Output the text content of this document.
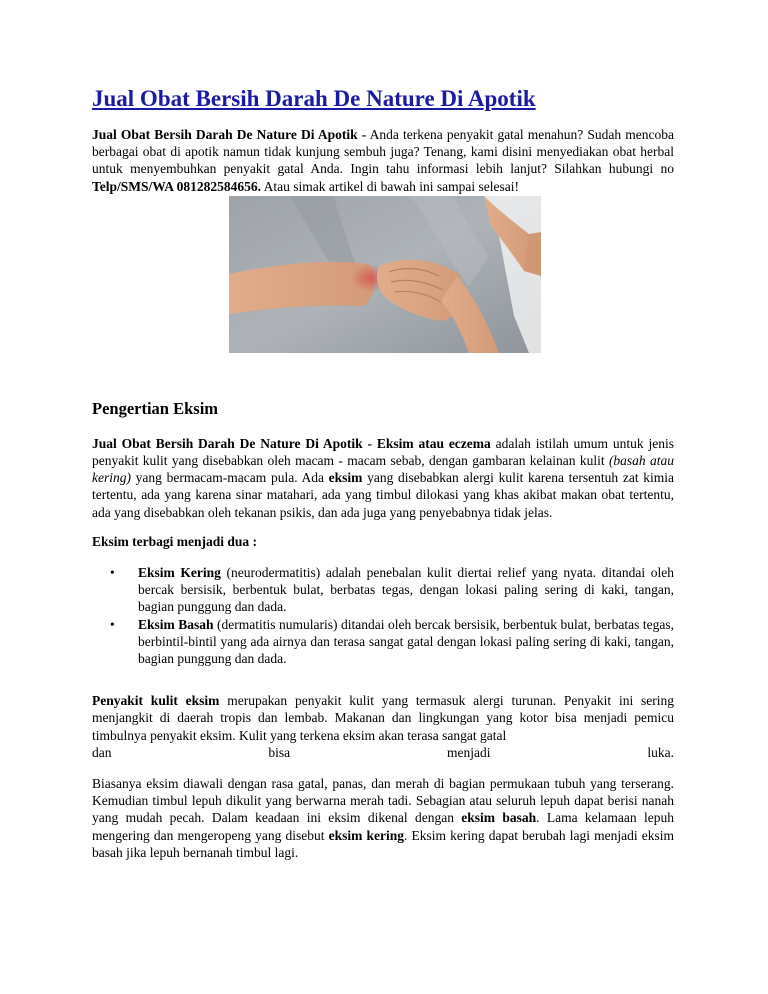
Jual Obat Bersih Darah De Nature Di Apotik

Jual Obat Bersih Darah De Nature Di Apotik - Anda terkena penyakit gatal menahun? Sudah mencoba berbagai obat di apotik namun tidak kunjung sembuh juga? Tenang, kami disini menyediakan obat herbal untuk menyembuhkan penyakit gatal Anda. Ingin tahu informasi lebih lanjut? Silahkan hubungi no Telp/SMS/WA 081282584656. Atau simak artikel di bawah ini sampai selesai!

Pengertian Eksim

Jual Obat Bersih Darah De Nature Di Apotik - Eksim atau eczema adalah istilah umum untuk jenis penyakit kulit yang disebabkan oleh macam - macam sebab, dengan gambaran kelainan kulit (basah atau kering) yang bermacam-macam pula. Ada eksim yang disebabkan alergi kulit karena tersentuh zat kimia tertentu, ada yang karena sinar matahari, ada yang timbul dilokasi yang khas akibat makan obat tertentu, ada yang disebabkan oleh tekanan psikis, dan ada juga yang penyebabnya tidak jelas.

Eksim terbagi menjadi dua :

• Eksim Kering (neurodermatitis) adalah penebalan kulit diertai relief yang nyata. ditandai oleh bercak bersisik, berbentuk bulat, berbatas tegas, dengan lokasi paling sering di kaki, tangan, bagian punggung dan dada.
• Eksim Basah (dermatitis numularis) ditandai oleh bercak bersisik, berbentuk bulat, berbatas tegas, berbintil-bintil yang ada airnya dan terasa sangat gatal dengan lokasi paling sering di kaki, tangan, bagian punggung dan dada.

Penyakit kulit eksim merupakan penyakit kulit yang termasuk alergi turunan. Penyakit ini sering menjangkit di daerah tropis dan lembab. Makanan dan lingkungan yang kotor bisa menjadi pemicu timbulnya penyakit eksim. Kulit yang terkena eksim akan terasa sangat gatal

dan	bisa	menjadi	luka.

Biasanya eksim diawali dengan rasa gatal, panas, dan merah di bagian permukaan tubuh yang terserang. Kemudian timbul lepuh dikulit yang berwarna merah tadi. Sebagian atau seluruh lepuh dapat berisi nanah yang mudah pecah. Dalam keadaan ini eksim dikenal dengan eksim basah. Lama kelamaan lepuh mengering dan mengeropeng yang disebut eksim kering. Eksim kering dapat berubah lagi menjadi eksim basah jika lepuh bernanah timbul lagi.
